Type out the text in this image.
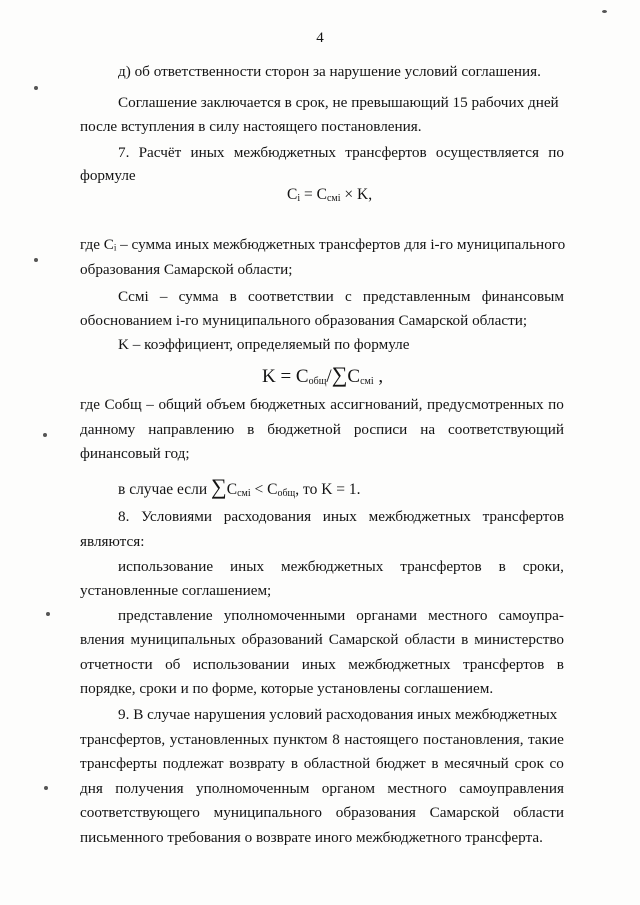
4
д) об ответственности сторон за нарушение условий соглашения.
Соглашение заключается в срок, не превышающий 15 рабочих дней
после вступления в силу настоящего постановления.
7. Расчёт иных межбюджетных трансфертов осуществляется по
формуле
$C_i = C_{смi} \times K$,
где Cᵢ – сумма иных межбюджетных трансфертов для i-го муниципального
образования Самарской области;
Cсмi – сумма в соответствии с представленным финансовым
обоснованием i-го муниципального образования Самарской области;
K – коэффициент, определяемый по формуле
$K = C_{общ}/\sum C_{смi}$ ,
где Cобщ – общий объем бюджетных ассигнований, предусмотренных по
данному направлению в бюджетной росписи на соответствующий
финансовый год;
в случае если $\sum C_{смi} < C_{общ}$, то K = 1.
8. Условиями расходования иных межбюджетных трансфертов
являются:
использование иных межбюджетных трансфертов в сроки,
установленные соглашением;
представление уполномоченными органами местного самоупра-
вления муниципальных образований Самарской области в министерство
отчетности об использовании иных межбюджетных трансфертов в
порядке, сроки и по форме, которые установлены соглашением.
9. В случае нарушения условий расходования иных межбюджетных
трансфертов, установленных пунктом 8 настоящего постановления, такие
трансферты подлежат возврату в областной бюджет в месячный срок со
дня получения уполномоченным органом местного самоуправления
соответствующего муниципального образования Самарской области
письменного требования о возврате иного межбюджетного трансферта.
